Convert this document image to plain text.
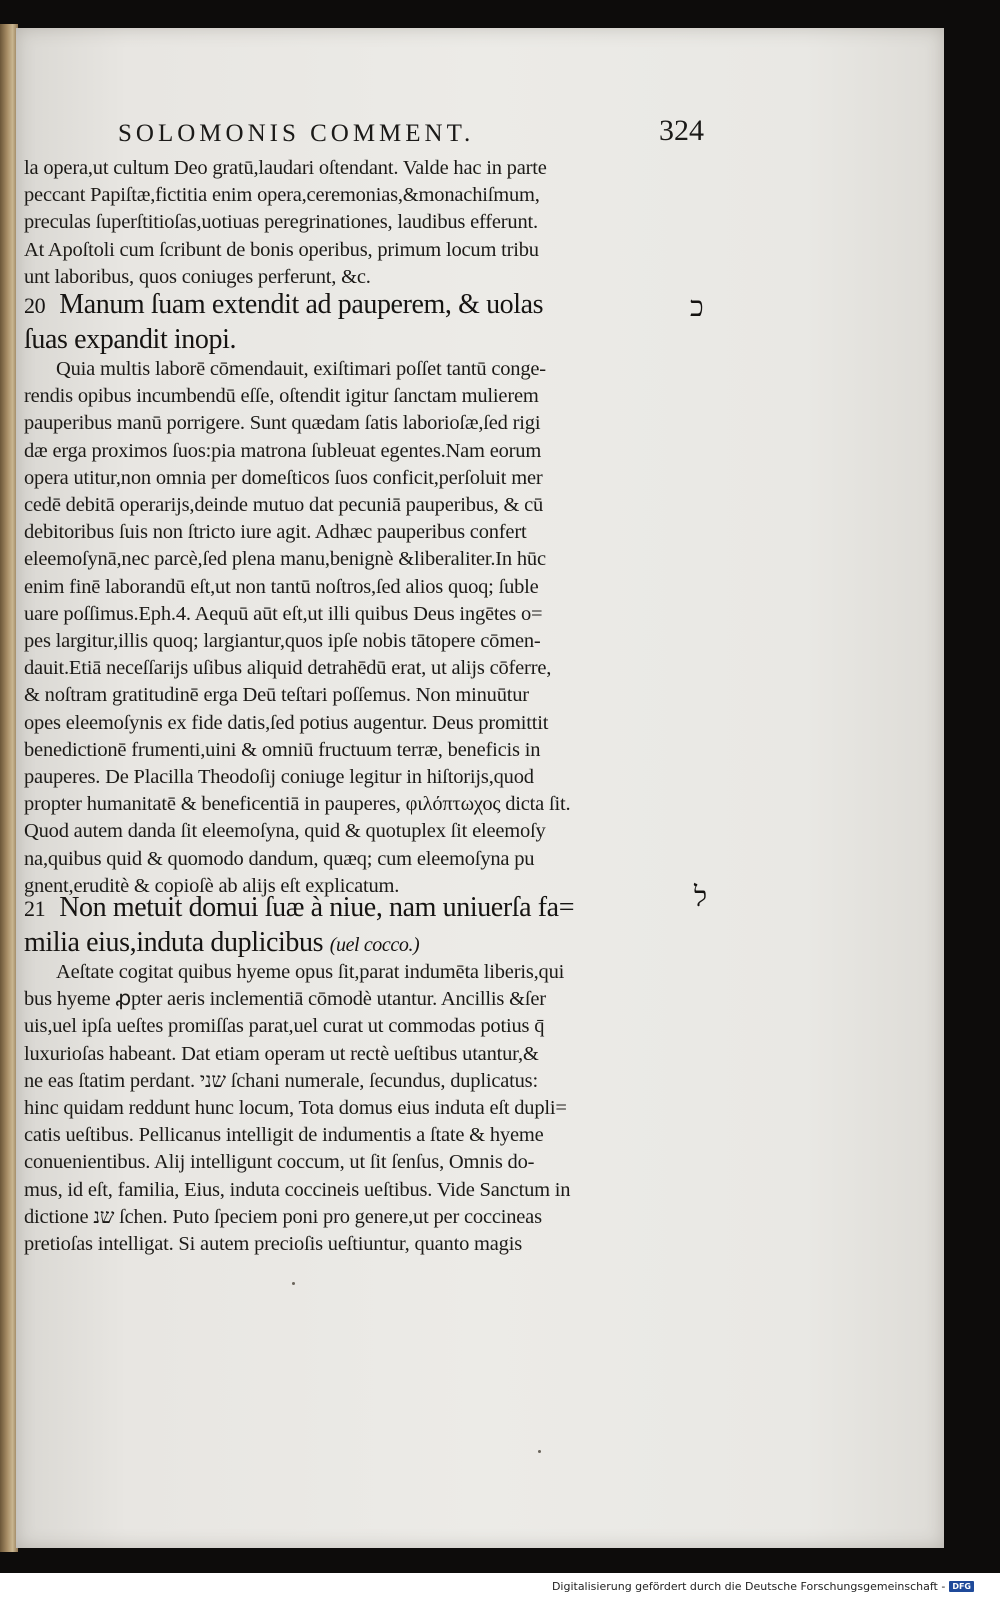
SOLOMONIS COMMENT.	324
la opera,ut cultum Deo gratū,laudari oſtendant. Valde hac in parte
peccant Papiſtæ,fictitia enim opera,ceremonias,&monachiſmum,
preculas ſuperſtitioſas,uotiuas peregrinationes, laudibus efferunt.
At Apoſtoli cum ſcribunt de bonis operibus, primum locum tribu
unt laboribus, quos coniuges perferunt, &c.
20 Manum ſuam extendit ad pauperem, & uolas
ſuas expandit inopi.
כ
Quia multis laborē cōmendauit, exiſtimari poſſet tantū conge-
rendis opibus incumbendū eſſe, oſtendit igitur ſanctam mulierem
pauperibus manū porrigere. Sunt quædam ſatis laborioſæ,ſed rigi
dæ erga proximos ſuos:pia matrona ſubleuat egentes.Nam eorum
opera utitur,non omnia per domeſticos ſuos conficit,perſoluit mer
cedē debitā operarijs,deinde mutuo dat pecuniā pauperibus, & cū
debitoribus ſuis non ſtricto iure agit. Adhæc pauperibus confert
eleemoſynā,nec parcè,ſed plena manu,benignè &liberaliter.In hūc
enim finē laborandū eſt,ut non tantū noſtros,ſed alios quoq; ſuble
uare poſſimus.Eph.4. Aequū aūt eſt,ut illi quibus Deus ingētes o=
pes largitur,illis quoq; largiantur,quos ipſe nobis tātopere cōmen-
dauit.Etiā neceſſarijs uſibus aliquid detrahēdū erat, ut alijs cōferre,
& noſtram gratitudinē erga Deū teſtari poſſemus. Non minuūtur
opes eleemoſynis ex fide datis,ſed potius augentur. Deus promittit
benedictionē frumenti,uini & omniū fructuum terræ, beneficis in
pauperes. De Placilla Theodoſij coniuge legitur in hiſtorijs,quod
propter humanitatē & beneficentiā in pauperes, φιλόπτωχος dicta ſit.
Quod autem danda ſit eleemoſyna, quid & quotuplex ſit eleemoſy
na,quibus quid & quomodo dandum, quæq; cum eleemoſyna pu
gnent,eruditè & copioſè ab alijs eſt explicatum.
21 Non metuit domui ſuæ à niue, nam uniuerſa fa=
milia eius,induta duplicibus (uel cocco.)
ל
Aeſtate cogitat quibus hyeme opus ſit,parat indumēta liberis,qui
bus hyeme ꝓpter aeris inclementiā cōmodè utantur. Ancillis &ſer
uis,uel ipſa ueſtes promiſſas parat,uel curat ut commodas potius q̄
luxurioſas habeant. Dat etiam operam ut rectè ueſtibus utantur,&
ne eas ſtatim perdant. שני ſchani numerale, ſecundus, duplicatus:
hinc quidam reddunt hunc locum, Tota domus eius induta eſt dupli=
catis ueſtibus. Pellicanus intelligit de indumentis a ſtate & hyeme
conuenientibus. Alij intelligunt coccum, ut ſit ſenſus, Omnis do-
mus, id eſt, familia, Eius, induta coccineis ueſtibus. Vide Sanctum in
dictione שנ ſchen. Puto ſpeciem poni pro genere,ut per coccineas
pretioſas intelligat. Si autem precioſis ueſtiuntur, quanto magis
Digitalisierung gefördert durch die Deutsche Forschungsgemeinschaft - DFG
